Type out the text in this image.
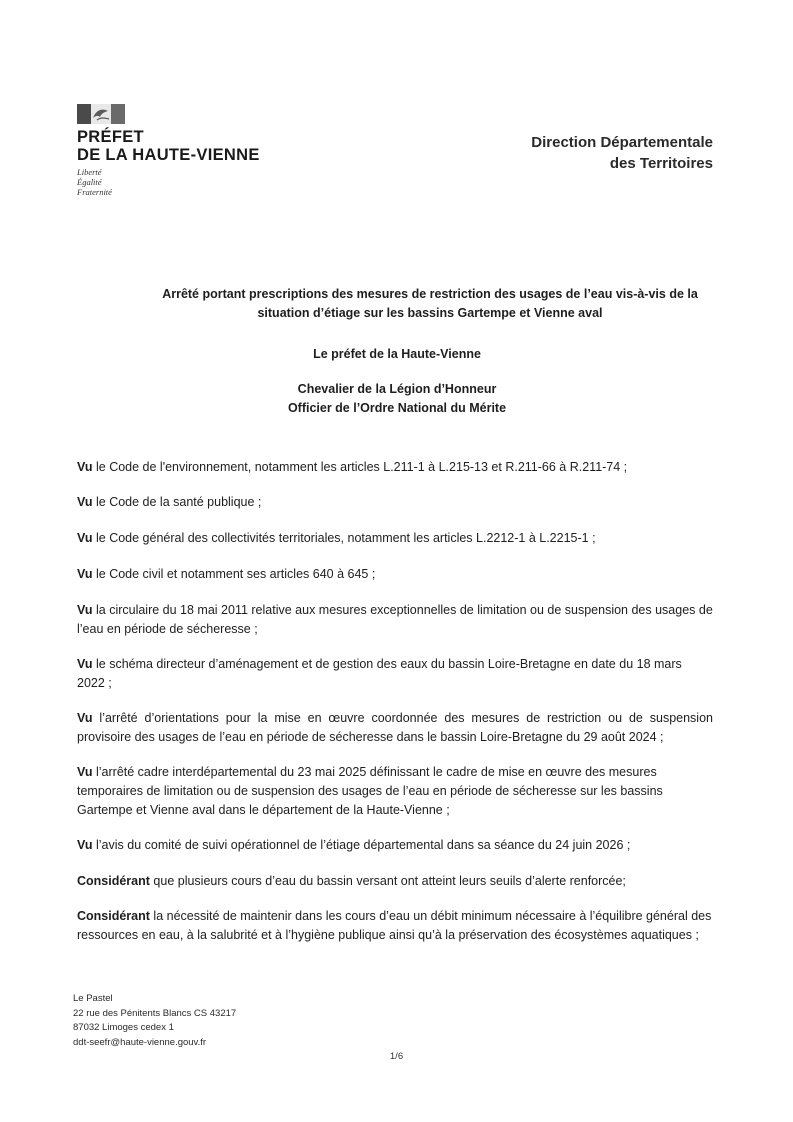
PRÉFET
DE LA HAUTE-VIENNE
Liberté
Égalité
Fraternité
Direction Départementale
des Territoires
Arrêté portant prescriptions des mesures de restriction des usages de l’eau vis-à-vis de la
situation d’étiage sur les bassins Gartempe et Vienne aval
Le préfet de la Haute-Vienne
Chevalier de la Légion d’Honneur
Officier de l’Ordre National du Mérite

Vu le Code de l'environnement, notamment les articles L.211-1 à L.215-13 et R.211-66 à R.211-74 ;

Vu le Code de la santé publique ;

Vu le Code général des collectivités territoriales, notamment les articles L.2212-1 à L.2215-1 ;

Vu le Code civil et notamment ses articles 640 à 645 ;

Vu la circulaire du 18 mai 2011 relative aux mesures exceptionnelles de limitation ou de suspension des usages de l’eau en période de sécheresse ;

Vu le schéma directeur d’aménagement et de gestion des eaux du bassin Loire-Bretagne en date du 18 mars 2022 ;

Vu l’arrêté d’orientations pour la mise en œuvre coordonnée des mesures de restriction ou de suspension provisoire des usages de l’eau en période de sécheresse dans le bassin Loire-Bretagne du 29 août 2024 ;

Vu l’arrêté cadre interdépartemental du 23 mai 2025 définissant le cadre de mise en œuvre des mesures temporaires de limitation ou de suspension des usages de l’eau en période de sécheresse sur les bassins Gartempe et Vienne aval dans le département de la Haute-Vienne ;

Vu l’avis du comité de suivi opérationnel de l’étiage départemental dans sa séance du 24 juin 2026 ;

Considérant que plusieurs cours d’eau du bassin versant ont atteint leurs seuils d’alerte renforcée;

Considérant la nécessité de maintenir dans les cours d’eau un débit minimum nécessaire à l’équilibre général des ressources en eau, à la salubrité et à l’hygiène publique ainsi qu’à la préservation des écosystèmes aquatiques ;

Le Pastel
22 rue des Pénitents Blancs CS 43217
87032 Limoges cedex 1
ddt-seefr@haute-vienne.gouv.fr
1/6
